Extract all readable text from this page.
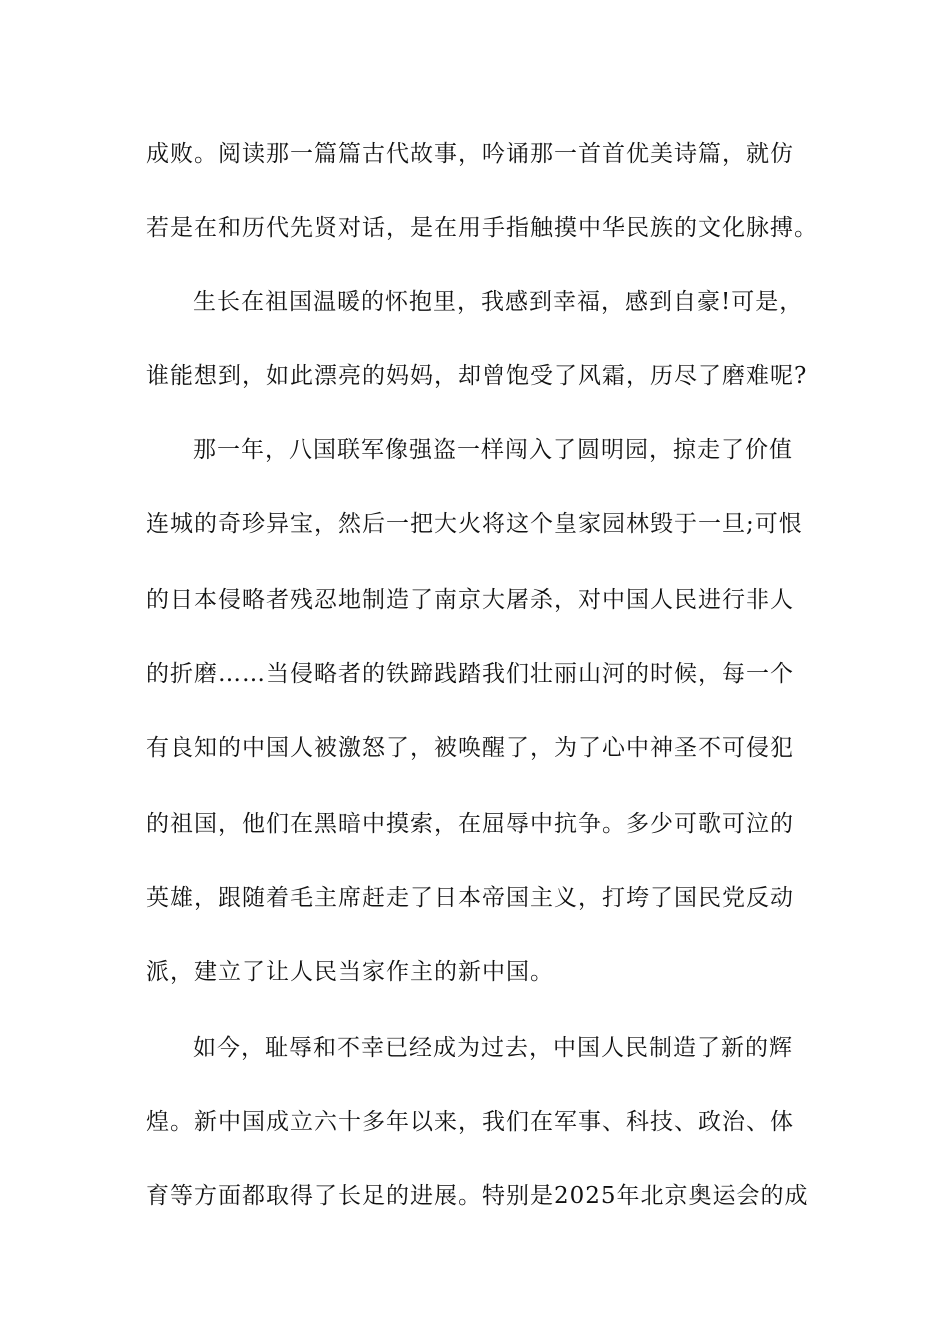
成败。阅读那一篇篇古代故事，吟诵那一首首优美诗篇，就仿
若是在和历代先贤对话，是在用手指触摸中华民族的文化脉搏。
生长在祖国温暖的怀抱里，我感到幸福，感到自豪!可是，
谁能想到，如此漂亮的妈妈，却曾饱受了风霜，历尽了磨难呢?
那一年，八国联军像强盗一样闯入了圆明园，掠走了价值
连城的奇珍异宝，然后一把大火将这个皇家园林毁于一旦;可恨
的日本侵略者残忍地制造了南京大屠杀，对中国人民进行非人
的折磨……当侵略者的铁蹄践踏我们壮丽山河的时候，每一个
有良知的中国人被激怒了，被唤醒了，为了心中神圣不可侵犯
的祖国，他们在黑暗中摸索，在屈辱中抗争。多少可歌可泣的
英雄，跟随着毛主席赶走了日本帝国主义，打垮了国民党反动
派，建立了让人民当家作主的新中国。
如今，耻辱和不幸已经成为过去，中国人民制造了新的辉
煌。新中国成立六十多年以来，我们在军事、科技、政治、体
育等方面都取得了长足的进展。特别是2025年北京奥运会的成
